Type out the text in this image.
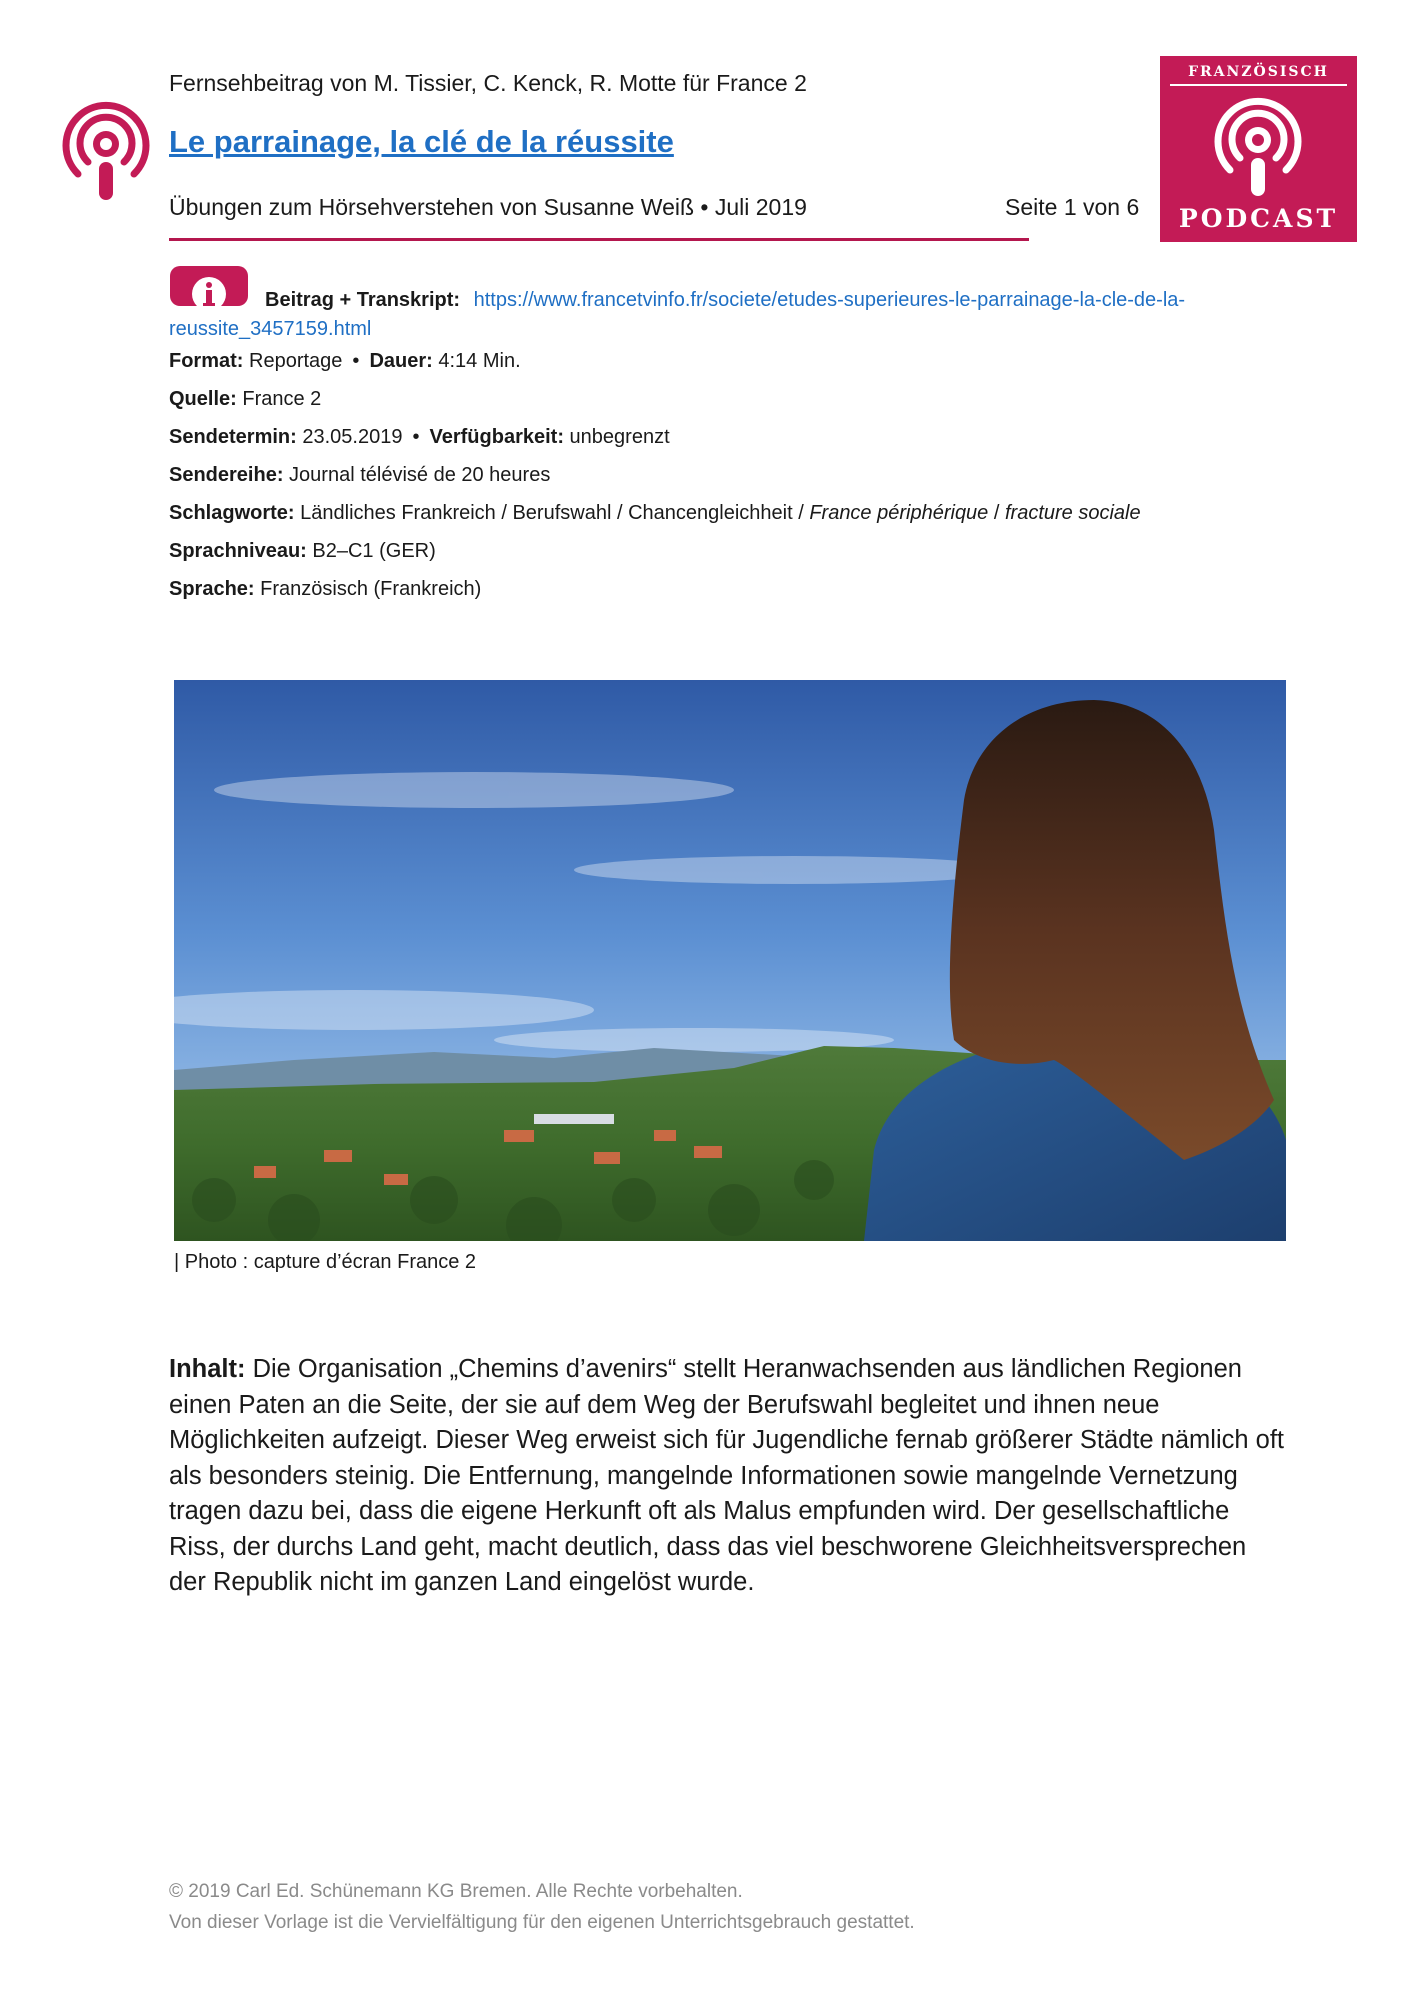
Fernsehbeitrag von M. Tissier, C. Kenck, R. Motte für France 2
Le parrainage, la clé de la réussite
Übungen zum Hörsehverstehen von Susanne Weiß • Juli 2019	Seite 1 von 6
FRANZÖSISCH
PODCAST
Beitrag + Transkript: https://www.francetvinfo.fr/societe/etudes-superieures-le-parrainage-la-cle-de-la-
reussite_3457159.html
Format: Reportage • Dauer: 4:14 Min.
Quelle: France 2
Sendetermin: 23.05.2019 • Verfügbarkeit: unbegrenzt
Sendereihe: Journal télévisé de 20 heures
Schlagworte: Ländliches Frankreich / Berufswahl / Chancengleichheit / France périphérique / fracture sociale
Sprachniveau: B2–C1 (GER)
Sprache: Französisch (Frankreich)
| Photo : capture d’écran France 2
Inhalt: Die Organisation „Chemins d’avenirs“ stellt Heranwachsenden aus ländlichen Regionen einen Paten an die Seite, der sie auf dem Weg der Berufswahl begleitet und ihnen neue Möglichkeiten aufzeigt. Dieser Weg erweist sich für Jugendliche fernab größerer Städte nämlich oft als besonders steinig. Die Entfernung, mangelnde Informationen sowie mangelnde Vernetzung tragen dazu bei, dass die eigene Herkunft oft als Malus empfunden wird. Der gesellschaftliche Riss, der durchs Land geht, macht deutlich, dass das viel beschworene Gleichheitsversprechen der Republik nicht im ganzen Land eingelöst wurde.
© 2019 Carl Ed. Schünemann KG Bremen. Alle Rechte vorbehalten.
Von dieser Vorlage ist die Vervielfältigung für den eigenen Unterrichtsgebrauch gestattet.
